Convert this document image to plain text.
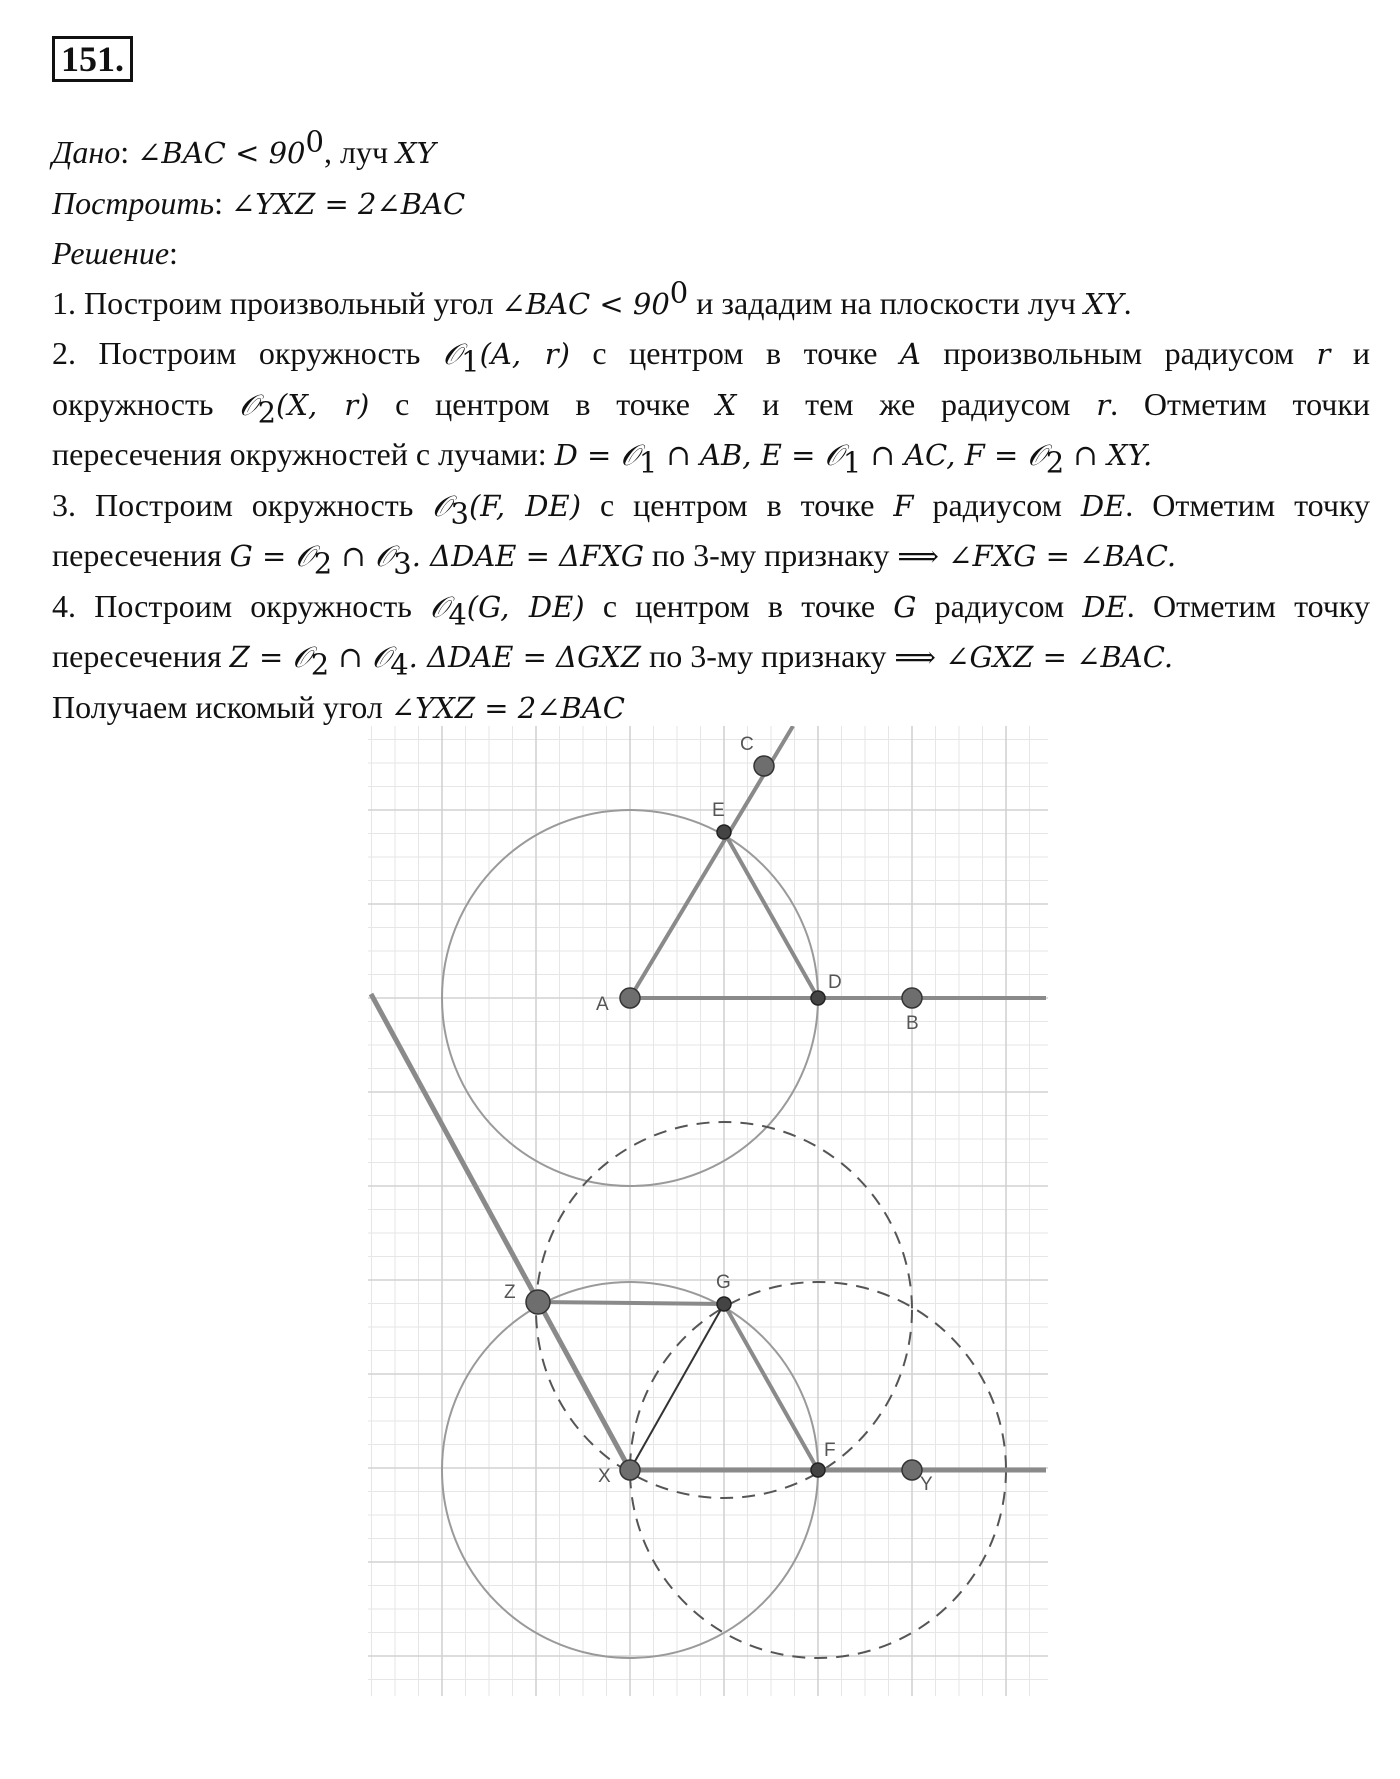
151.
Дано: ∠BAC < $90^0$, луч XY
Построить: ∠YXZ = 2∠BAC
Решение:
1. Построим произвольный угол ∠BAC < $90^0$ и зададим на плоскости луч XY.
2. Построим окружность 𝒪$_1$(A, r) с центром в точке A произвольным радиусом r и
окружность 𝒪$_2$(X, r) с центром в точке X и тем же радиусом r. Отметим точки
пересечения окружностей с лучами: D = 𝒪$_1$ ∩ AB, E = 𝒪$_1$ ∩ AC, F = 𝒪$_2$ ∩ XY.
3. Построим окружность 𝒪$_3$(F, DE) с центром в точке F радиусом DE. Отметим точку
пересечения G = 𝒪$_2$ ∩ 𝒪$_3$. ΔDAE = ΔFXG по 3-му признаку ⟹ ∠FXG = ∠BAC.
4. Построим окружность 𝒪$_4$(G, DE) с центром в точке G радиусом DE. Отметим точку
пересечения Z = 𝒪$_2$ ∩ 𝒪$_4$. ΔDAE = ΔGXZ по 3-му признаку ⟹ ∠GXZ = ∠BAC.
Получаем искомый угол ∠YXZ = 2∠BAC
A
B
C
D
E
F
G
X	Y
Z
